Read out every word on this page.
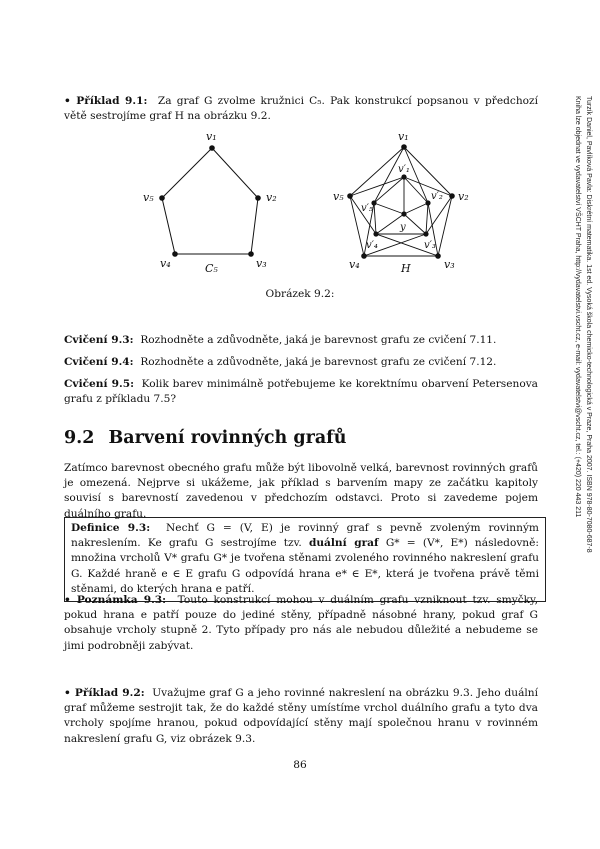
Turzík Daniel, Pavlíková Pavla: Diskrétní matematika. 1st ed. Vysoká škola chemicko-technologická v Praze, Praha 2007. ISBN 978-80-7080-687-8
Kniha lze objednat ve vydavatelství VŠCHT Praha, http://vydavatelstvi.vscht.cz, e-mail: vydavatelstvi@vscht.cz, tel.: (+420) 220 443 211
• Příklad 9.1: Za graf G zvolme kružnici C₅. Pak konstrukcí popsanou v předchozí větě sestrojíme graf H na obrázku 9.2.
v₁
v₂
v₃
v₄
v₅
C₅
v₁
v₂
v₃
v₄
v₅
H
v′₁
v′₂
v′₃
v′₄
v′₅
y
Obrázek 9.2:
Cvičení 9.3: Rozhodněte a zdůvodněte, jaká je barevnost grafu ze cvičení 7.11.
Cvičení 9.4: Rozhodněte a zdůvodněte, jaká je barevnost grafu ze cvičení 7.12.
Cvičení 9.5: Kolik barev minimálně potřebujeme ke korektnímu obarvení Petersenova grafu z příkladu 7.5?
9.2 Barvení rovinných grafů
Zatímco barevnost obecného grafu může být libovolně velká, barevnost rovinných grafů je omezená. Nejprve si ukážeme, jak příklad s barvením mapy ze začátku kapitoly souvisí s barevností zavedenou v předchozím odstavci. Proto si zavedeme pojem duálního grafu.
Definice 9.3: Nechť G = (V, E) je rovinný graf s pevně zvoleným rovinným nakreslením. Ke grafu G sestrojíme tzv. duální graf G* = (V*, E*) následovně: množina vrcholů V* grafu G* je tvořena stěnami zvoleného rovinného nakreslení grafu G. Každé hraně e ∈ E grafu G odpovídá hrana e* ∈ E*, která je tvořena právě těmi stěnami, do kterých hrana e patří.
• Poznámka 9.3: Touto konstrukcí mohou v duálním grafu vzniknout tzv. smyčky, pokud hrana e patří pouze do jediné stěny, případně násobné hrany, pokud graf G obsahuje vrcholy stupně 2. Tyto případy pro nás ale nebudou důležité a nebudeme se jimi podrobněji zabývat.
• Příklad 9.2: Uvažujme graf G a jeho rovinné nakreslení na obrázku 9.3. Jeho duální graf můžeme sestrojit tak, že do každé stěny umístíme vrchol duálního grafu a tyto dva vrcholy spojíme hranou, pokud odpovídající stěny mají společnou hranu v rovinném nakreslení grafu G, viz obrázek 9.3.
86
